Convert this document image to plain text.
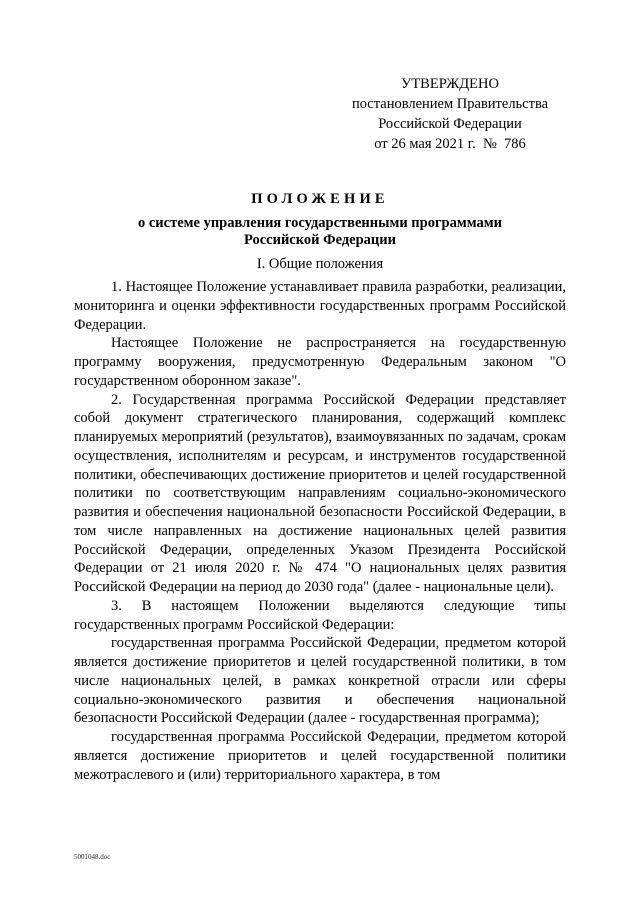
УТВЕРЖДЕНО
постановлением Правительства
Российской Федерации
от 26 мая 2021 г.  №  786
ПОЛОЖЕНИЕ
о системе управления государственными программами
Российской Федерации
I. Общие положения

1. Настоящее Положение устанавливает правила разработки, реализации, мониторинга и оценки эффективности государственных программ Российской Федерации.

Настоящее Положение не распространяется на государственную программу вооружения, предусмотренную Федеральным законом "О государственном оборонном заказе".

2. Государственная программа Российской Федерации представляет собой документ стратегического планирования, содержащий комплекс планируемых мероприятий (результатов), взаимоувязанных по задачам, срокам осуществления, исполнителям и ресурсам, и инструментов государственной политики, обеспечивающих достижение приоритетов и целей государственной политики по соответствующим направлениям социально-экономического развития и обеспечения национальной безопасности Российской Федерации, в том числе направленных на достижение национальных целей развития Российской Федерации, определенных Указом Президента Российской Федерации от 21 июля 2020 г. № 474 "О национальных целях развития Российской Федерации на период до 2030 года" (далее - национальные цели).

3. В настоящем Положении выделяются следующие типы государственных программ Российской Федерации:

государственная программа Российской Федерации, предметом которой является достижение приоритетов и целей государственной политики, в том числе национальных целей, в рамках конкретной отрасли или сферы социально-экономического развития и обеспечения национальной безопасности Российской Федерации (далее - государственная программа);

государственная программа Российской Федерации, предметом которой является достижение приоритетов и целей государственной политики межотраслевого и (или) территориального характера, в том

5001048.doc
